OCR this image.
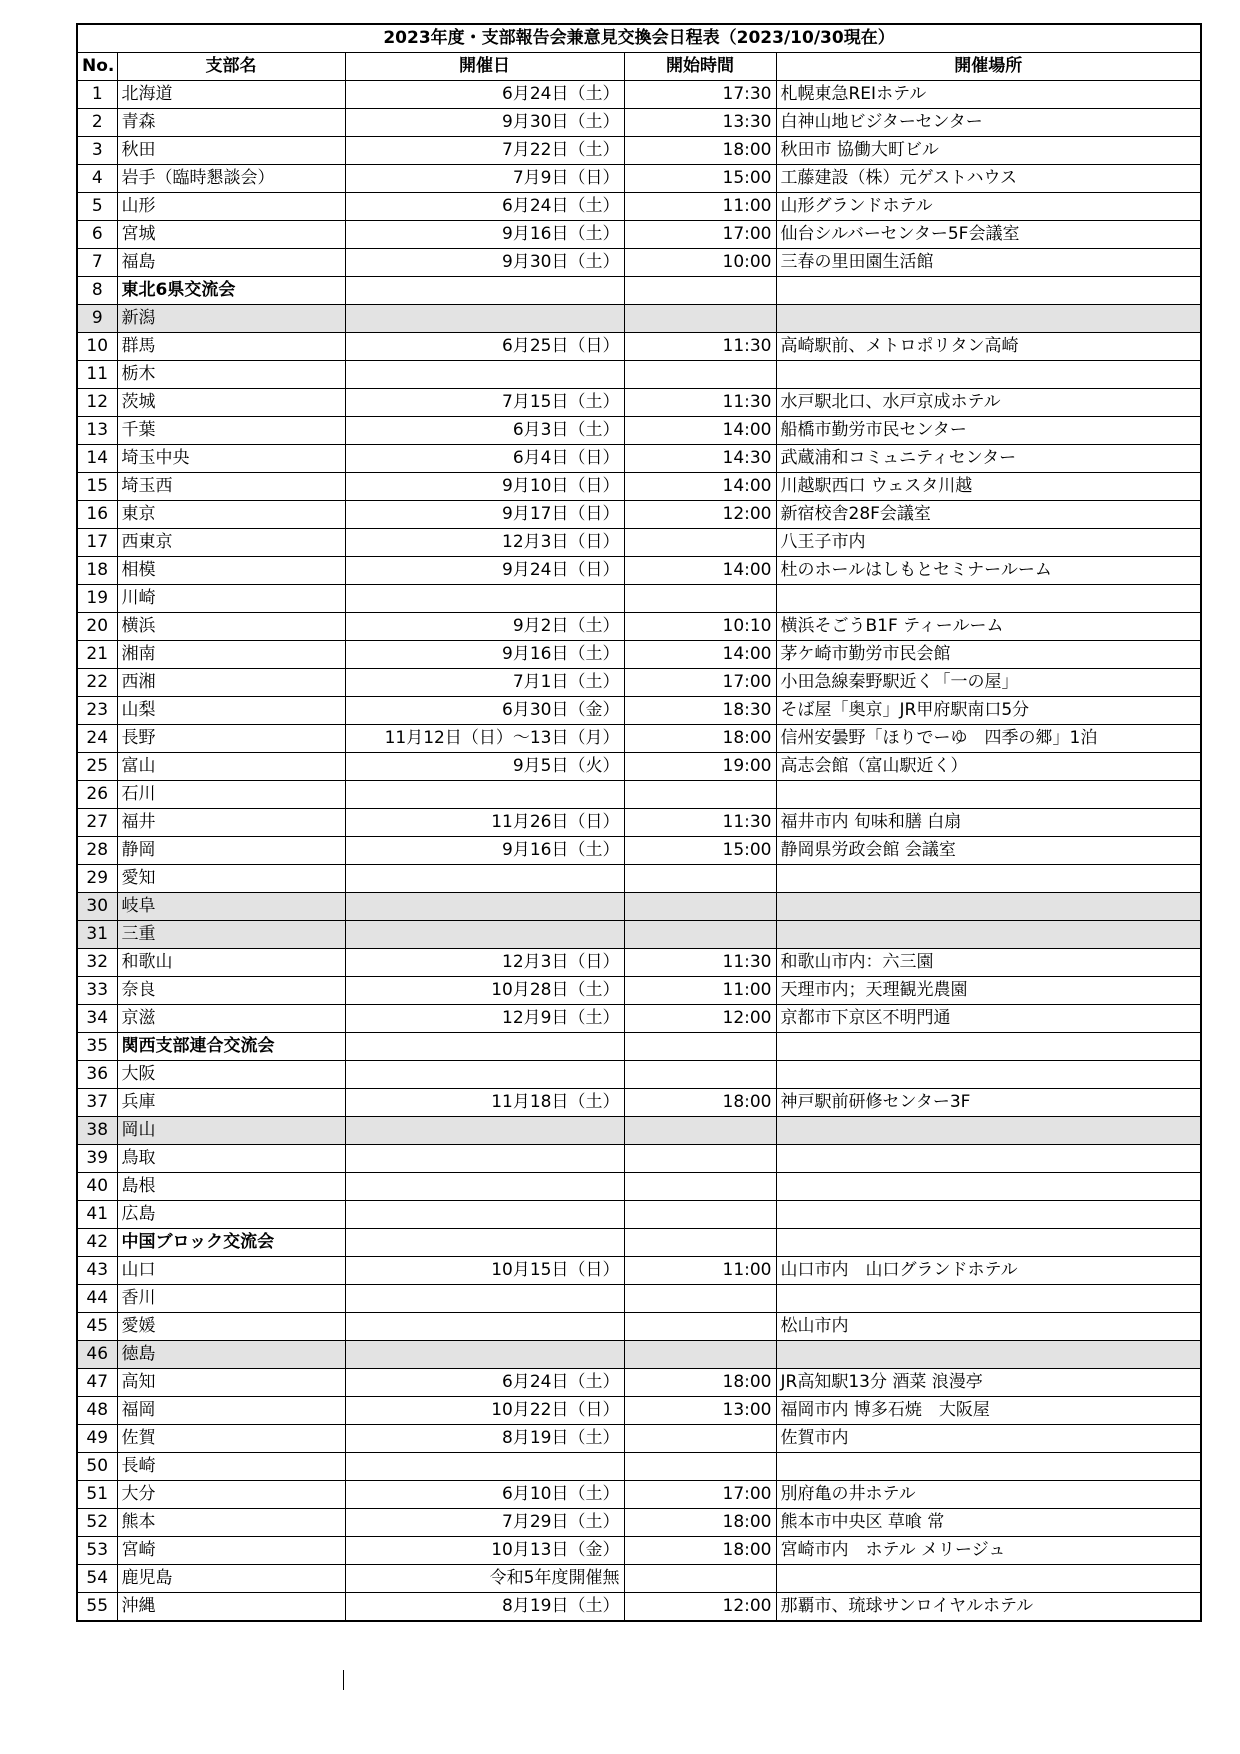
2023年度・支部報告会兼意見交換会日程表（2023/10/30現在）				
No.	支部名	開催日	開始時間	開催場所
1	北海道	6月24日（土）	17:30	札幌東急REIホテル
2	青森	9月30日（土）	13:30	白神山地ビジターセンター
3	秋田	7月22日（土）	18:00	秋田市 協働大町ビル
4	岩手（臨時懇談会）	7月9日（日）	15:00	工藤建設（株）元ゲストハウス
5	山形	6月24日（土）	11:00	山形グランドホテル
6	宮城	9月16日（土）	17:00	仙台シルバーセンター5F会議室
7	福島	9月30日（土）	10:00	三春の里田園生活館
8	東北6県交流会			
9	新潟			
10	群馬	6月25日（日）	11:30	高崎駅前、メトロポリタン高崎
11	栃木			
12	茨城	7月15日（土）	11:30	水戸駅北口、水戸京成ホテル
13	千葉	6月3日（土）	14:00	船橋市勤労市民センター
14	埼玉中央	6月4日（日）	14:30	武蔵浦和コミュニティセンター
15	埼玉西	9月10日（日）	14:00	川越駅西口 ウェスタ川越
16	東京	9月17日（日）	12:00	新宿校舎28F会議室
17	西東京	12月3日（日）		八王子市内
18	相模	9月24日（日）	14:00	杜のホールはしもとセミナールーム
19	川崎			
20	横浜	9月2日（土）	10:10	横浜そごうB1F ティールーム
21	湘南	9月16日（土）	14:00	茅ケ崎市勤労市民会館
22	西湘	7月1日（土）	17:00	小田急線秦野駅近く「一の屋」
23	山梨	6月30日（金）	18:30	そば屋「奥京」JR甲府駅南口5分
24	長野	11月12日（日）～13日（月）	18:00	信州安曇野「ほりでーゆ　四季の郷」1泊
25	富山	9月5日（火）	19:00	高志会館（富山駅近く）
26	石川			
27	福井	11月26日（日）	11:30	福井市内 旬味和膳 白扇
28	静岡	9月16日（土）	15:00	静岡県労政会館 会議室
29	愛知			
30	岐阜			
31	三重			
32	和歌山	12月3日（日）	11:30	和歌山市内：六三園
33	奈良	10月28日（土）	11:00	天理市内；天理観光農園
34	京滋	12月9日（土）	12:00	京都市下京区不明門通
35	関西支部連合交流会			
36	大阪			
37	兵庫	11月18日（土）	18:00	神戸駅前研修センター3F
38	岡山			
39	鳥取			
40	島根			
41	広島			
42	中国ブロック交流会			
43	山口	10月15日（日）	11:00	山口市内　山口グランドホテル
44	香川			
45	愛媛			松山市内
46	徳島			
47	高知	6月24日（土）	18:00	JR高知駅13分 酒菜 浪漫亭
48	福岡	10月22日（日）	13:00	福岡市内 博多石焼　大阪屋
49	佐賀	8月19日（土）		佐賀市内
50	長崎			
51	大分	6月10日（土）	17:00	別府亀の井ホテル
52	熊本	7月29日（土）	18:00	熊本市中央区 草喰 常
53	宮崎	10月13日（金）	18:00	宮崎市内　ホテル メリージュ
54	鹿児島	令和5年度開催無		
55	沖縄	8月19日（土）	12:00	那覇市、琉球サンロイヤルホテル
